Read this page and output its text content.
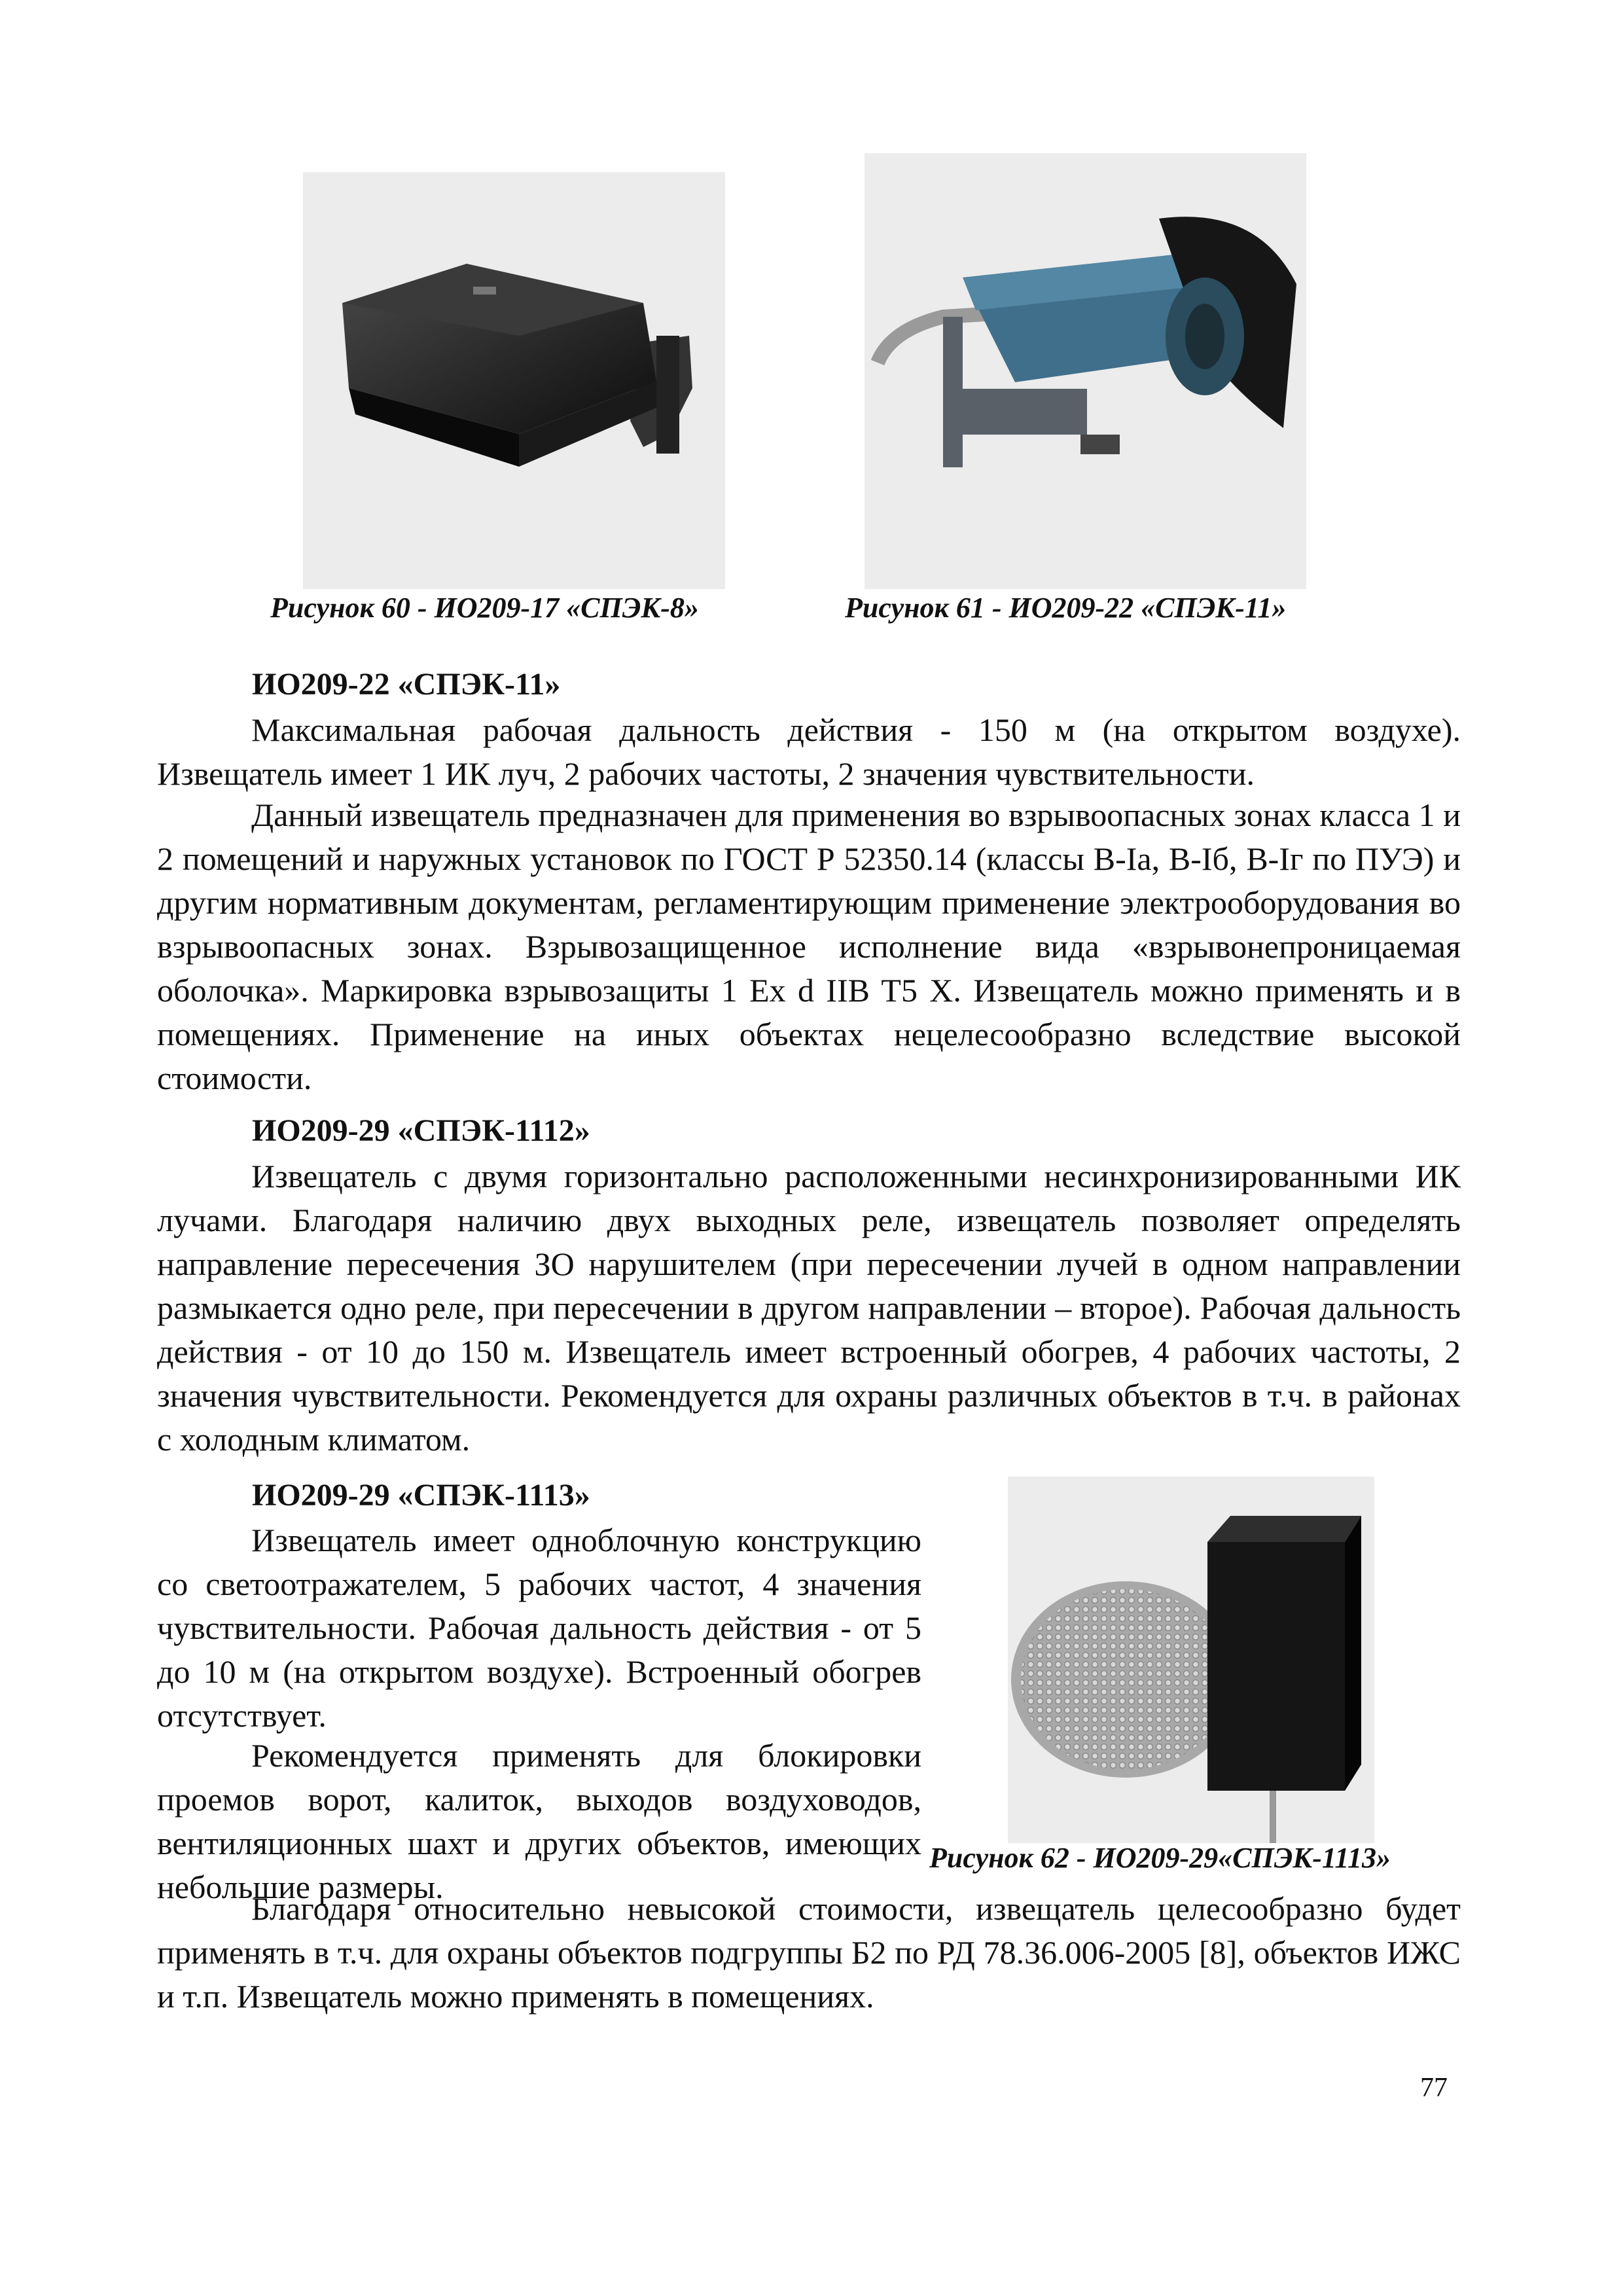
Рисунок 60 - ИО209-17 «СПЭК-8»	Рисунок 61 - ИО209-22 «СПЭК-11»
ИО209-22 «СПЭК-11»
Максимальная рабочая дальность действия - 150 м (на открытом воздухе). Извещатель имеет 1 ИК луч, 2 рабочих частоты, 2 значения чувствительности.
Данный извещатель предназначен для применения во взрывоопасных зонах класса 1 и 2 помещений и наружных установок по ГОСТ Р 52350.14 (классы В-Iа, В-Iб, В-Iг по ПУЭ) и другим нормативным документам, регламентирующим применение электрооборудования во взрывоопасных зонах. Взрывозащищенное исполнение вида «взрывонепроницаемая оболочка». Маркировка взрывозащиты 1 Ex d IIB T5 X. Извещатель можно применять и в помещениях. Применение на иных объектах нецелесообразно вследствие высокой стоимости.
ИО209-29 «СПЭК-1112»
Извещатель с двумя горизонтально расположенными несинхронизированными ИК лучами. Благодаря наличию двух выходных реле, извещатель позволяет определять направление пересечения ЗО нарушителем (при пересечении лучей в одном направлении размыкается одно реле, при пересечении в другом направлении – второе). Рабочая дальность действия - от 10 до 150 м. Извещатель имеет встроенный обогрев, 4 рабочих частоты, 2 значения чувствительности. Рекомендуется для охраны различных объектов в т.ч. в районах с холодным климатом.
ИО209-29 «СПЭК-1113»
Извещатель имеет одноблочную конструкцию со светоотражателем, 5 рабочих частот, 4 значения чувствительности. Рабочая дальность действия - от 5 до 10 м (на открытом воздухе). Встроенный обогрев отсутствует.
Рекомендуется применять для блокировки проемов ворот, калиток, выходов воздуховодов, вентиляционных шахт и других объектов, имеющих небольшие размеры.
Рисунок 62 - ИО209-29«СПЭК-1113»
Благодаря относительно невысокой стоимости, извещатель целесообразно будет применять в т.ч. для охраны объектов подгруппы Б2 по РД 78.36.006-2005 [8], объектов ИЖС и т.п. Извещатель можно применять в помещениях.
77
